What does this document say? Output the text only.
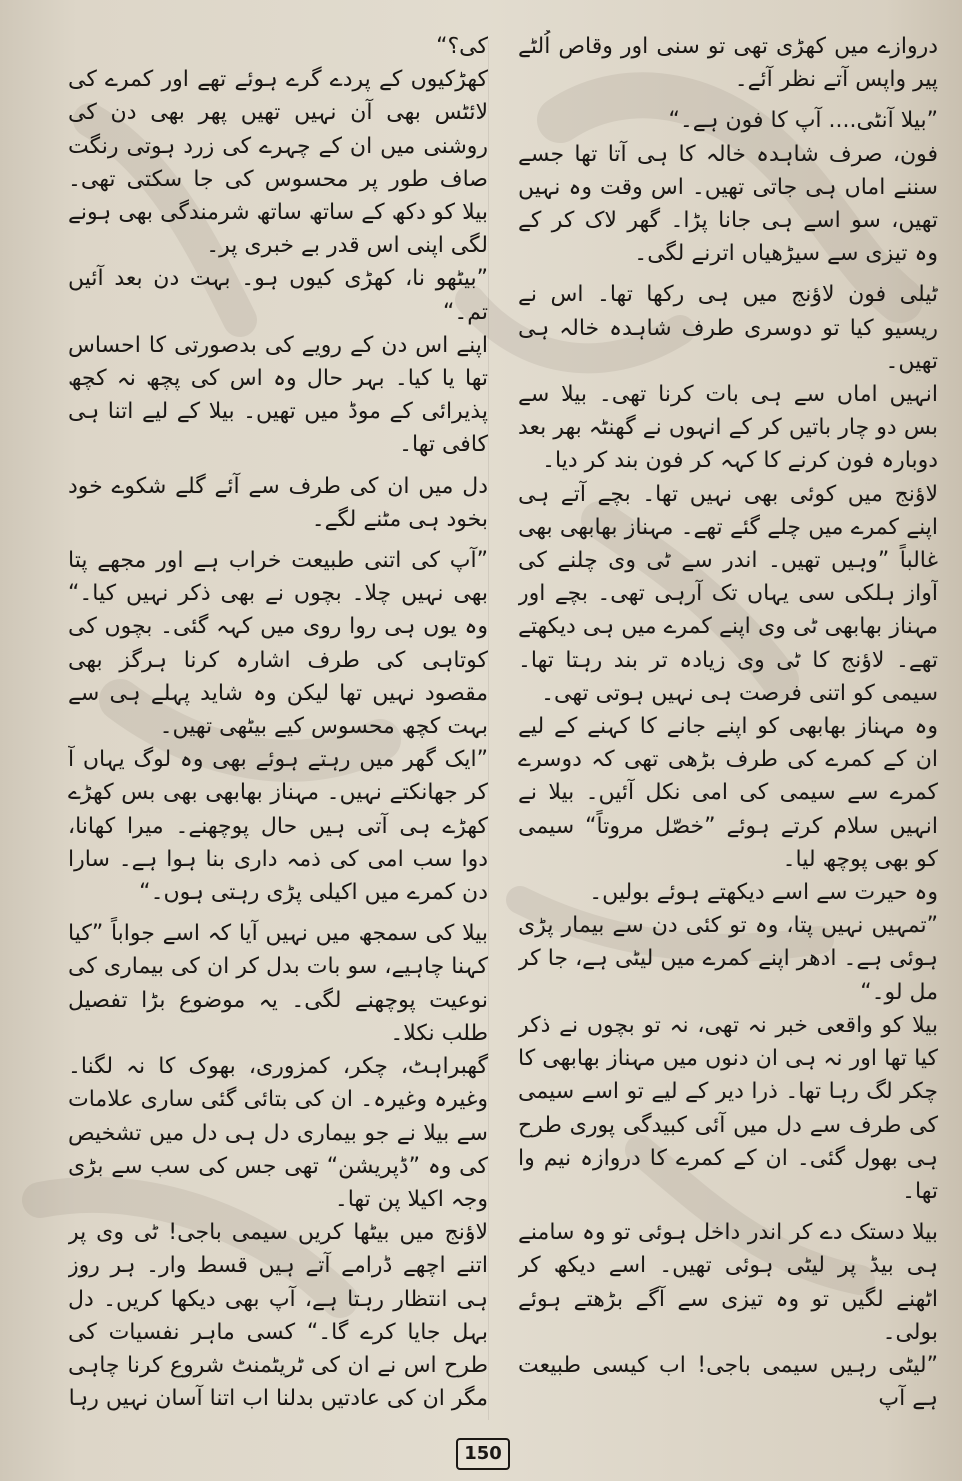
دروازے میں کھڑی تھی تو سنی اور وقاص اُلٹے پیر واپس آتے نظر آئے۔

”بیلا آنٹی.... آپ کا فون ہے۔“

فون، صرف شاہدہ خالہ کا ہی آتا تھا جسے سننے اماں ہی جاتی تھیں۔ اس وقت وہ نہیں تھیں، سو اسے ہی جانا پڑا۔ گھر لاک کر کے وہ تیزی سے سیڑھیاں اترنے لگی۔

ٹیلی فون لاؤنج میں ہی رکھا تھا۔ اس نے ریسیو کیا تو دوسری طرف شاہدہ خالہ ہی تھیں۔

انہیں اماں سے ہی بات کرنا تھی۔ بیلا سے بس دو چار باتیں کر کے انہوں نے گھنٹہ بھر بعد دوبارہ فون کرنے کا کہہ کر فون بند کر دیا۔

لاؤنج میں کوئی بھی نہیں تھا۔ بچے آتے ہی اپنے کمرے میں چلے گئے تھے۔ مہناز بھابھی بھی غالباً ”وہیں تھیں۔ اندر سے ٹی وی چلنے کی آواز ہلکی سی یہاں تک آرہی تھی۔ بچے اور مہناز بھابھی ٹی وی اپنے کمرے میں ہی دیکھتے تھے۔ لاؤنج کا ٹی وی زیادہ تر بند رہتا تھا۔ سیمی کو اتنی فرصت ہی نہیں ہوتی تھی۔

وہ مہناز بھابھی کو اپنے جانے کا کہنے کے لیے ان کے کمرے کی طرف بڑھی تھی کہ دوسرے کمرے سے سیمی کی امی نکل آئیں۔ بیلا نے انہیں سلام کرتے ہوئے ”خصّل مروتاً“ سیمی کو بھی پوچھ لیا۔

وہ حیرت سے اسے دیکھتے ہوئے بولیں۔

”تمہیں نہیں پتا، وہ تو کئی دن سے بیمار پڑی ہوئی ہے۔ ادھر اپنے کمرے میں لیٹی ہے، جا کر مل لو۔“

بیلا کو واقعی خبر نہ تھی، نہ تو بچوں نے ذکر کیا تھا اور نہ ہی ان دنوں میں مہناز بھابھی کا چکر لگ رہا تھا۔ ذرا دیر کے لیے تو اسے سیمی کی طرف سے دل میں آئی کبیدگی پوری طرح ہی بھول گئی۔ ان کے کمرے کا دروازہ نیم وا تھا۔

بیلا دستک دے کر اندر داخل ہوئی تو وہ سامنے ہی بیڈ پر لیٹی ہوئی تھیں۔ اسے دیکھ کر اٹھنے لگیں تو وہ تیزی سے آگے بڑھتے ہوئے بولی۔

”لیٹی رہیں سیمی باجی! اب کیسی طبیعت ہے آپ

کی؟“

کھڑکیوں کے پردے گرے ہوئے تھے اور کمرے کی لائٹس بھی آن نہیں تھیں پھر بھی دن کی روشنی میں ان کے چہرے کی زرد ہوتی رنگت صاف طور پر محسوس کی جا سکتی تھی۔ بیلا کو دکھ کے ساتھ ساتھ شرمندگی بھی ہونے لگی اپنی اس قدر بے خبری پر۔

”بیٹھو نا، کھڑی کیوں ہو۔ بہت دن بعد آئیں تم۔“

اپنے اس دن کے رویے کی بدصورتی کا احساس تھا یا کیا۔ بہر حال وہ اس کی پچھ نہ کچھ پذیرائی کے موڈ میں تھیں۔ بیلا کے لیے اتنا ہی کافی تھا۔

دل میں ان کی طرف سے آئے گلے شکوے خود بخود ہی مٹنے لگے۔

”آپ کی اتنی طبیعت خراب ہے اور مجھے پتا بھی نہیں چلا۔ بچوں نے بھی ذکر نہیں کیا۔“ وہ یوں ہی روا روی میں کہہ گئی۔ بچوں کی کوتاہی کی طرف اشارہ کرنا ہرگز بھی مقصود نہیں تھا لیکن وہ شاید پہلے ہی سے بہت کچھ محسوس کیے بیٹھی تھیں۔

”ایک گھر میں رہتے ہوئے بھی وہ لوگ یہاں آ کر جھانکتے نہیں۔ مہناز بھابھی بھی بس کھڑے کھڑے ہی آتی ہیں حال پوچھنے۔ میرا کھانا، دوا سب امی کی ذمہ داری بنا ہوا ہے۔ سارا دن کمرے میں اکیلی پڑی رہتی ہوں۔“

بیلا کی سمجھ میں نہیں آیا کہ اسے جواباً ”کیا کہنا چاہیے، سو بات بدل کر ان کی بیماری کی نوعیت پوچھنے لگی۔ یہ موضوع بڑا تفصیل طلب نکلا۔

گھبراہٹ، چکر، کمزوری، بھوک کا نہ لگنا۔ وغیرہ وغیرہ۔ ان کی بتائی گئی ساری علامات سے بیلا نے جو بیماری دل ہی دل میں تشخیص کی وہ ”ڈپریشن“ تھی جس کی سب سے بڑی وجہ اکیلا پن تھا۔

لاؤنج میں بیٹھا کریں سیمی باجی! ٹی وی پر اتنے اچھے ڈرامے آتے ہیں قسط وار۔ ہر روز ہی انتظار رہتا ہے، آپ بھی دیکھا کریں۔ دل بہل جایا کرے گا۔“ کسی ماہر نفسیات کی طرح اس نے ان کی ٹریٹمنٹ شروع کرنا چاہی مگر ان کی عادتیں بدلنا اب اتنا آسان نہیں رہا

150
